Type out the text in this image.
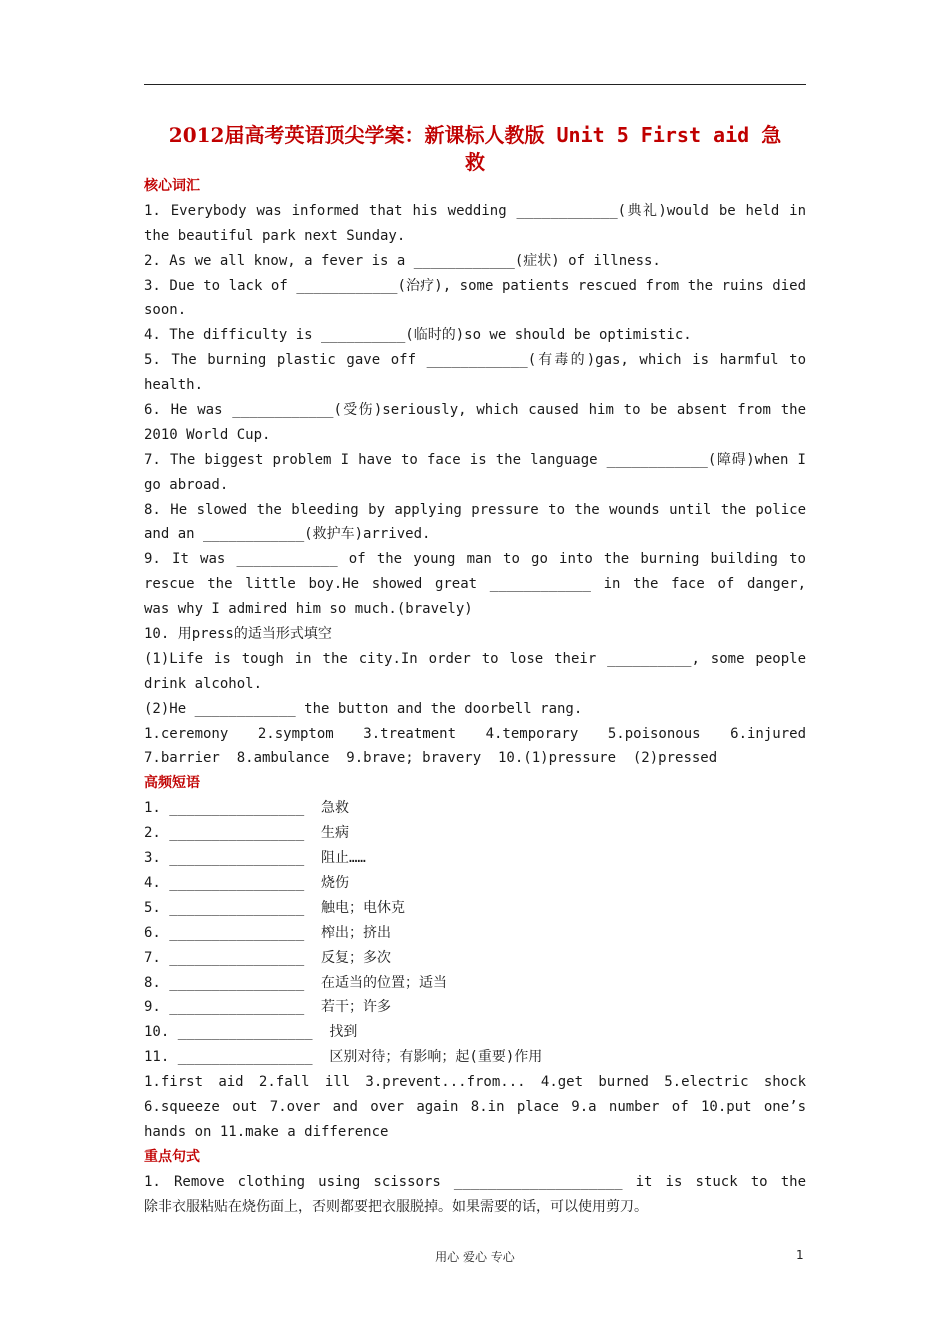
2012届高考英语顶尖学案：新课标人教版 Unit 5 First aid 急
救
核心词汇
1. Everybody was informed that his wedding ____________(典礼)would be held in
the beautiful park next Sunday.
2. As we all know, a fever is a ____________(症状) of illness.
3. Due to lack of ____________(治疗), some patients rescued from the ruins died
soon.
4. The difficulty is __________(临时的)so we should be optimistic.
5. The burning plastic gave off ____________(有毒的)gas, which is harmful to
health.
6. He was ____________(受伤)seriously, which caused him to be absent from the
2010 World Cup.
7. The biggest problem I have to face is the language ____________(障碍)when I
go abroad.
8. He slowed the bleeding by applying pressure to the wounds until the police
and an ____________(救护车)arrived.
9. It was ____________ of the young man to go into the burning building to
rescue the little boy.He showed great ____________ in the face of danger,
was why I admired him so much.(bravely)
10. 用press的适当形式填空
(1)Life is tough in the city.In order to lose their __________, some people
drink alcohol.
(2)He ____________ the button and the doorbell rang.
1.ceremony 2.symptom 3.treatment 4.temporary 5.poisonous 6.injured
7.barrier  8.ambulance  9.brave; bravery  10.(1)pressure  (2)pressed
高频短语
1. ________________  急救
2. ________________  生病
3. ________________  阻止……
4. ________________  烧伤
5. ________________  触电；电休克
6. ________________  榨出；挤出
7. ________________  反复；多次
8. ________________  在适当的位置；适当
9. ________________  若干；许多
10. ________________  找到
11. ________________  区别对待；有影响；起(重要)作用
1.first aid 2.fall ill 3.prevent...from... 4.get burned 5.electric shock
6.squeeze out 7.over and over again 8.in place 9.a number of 10.put one’s
hands on 11.make a difference
重点句式
1. Remove clothing using scissors ____________________ it is stuck to the
除非衣服粘贴在烧伤面上，否则都要把衣服脱掉。如果需要的话，可以使用剪刀。
用心 爱心 专心	1
